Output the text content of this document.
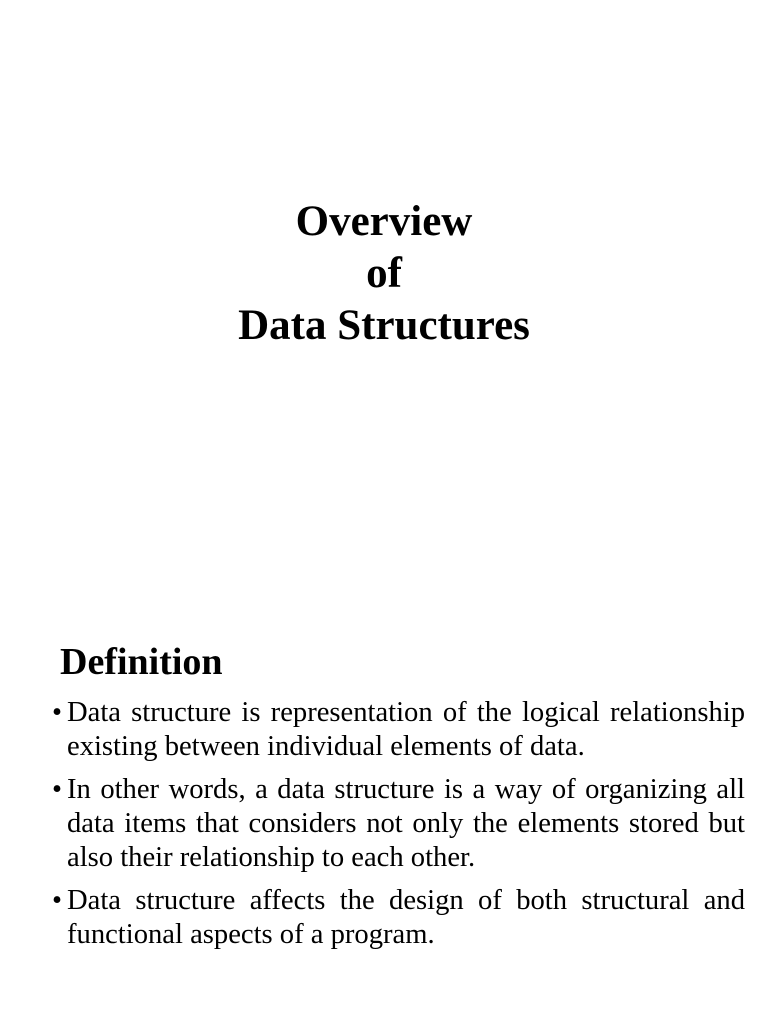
Overview
of
Data Structures
Definition
• Data structure is representation of the logical relationship existing between individual elements of data.
• In other words, a data structure is a way of organizing all data items that considers not only the elements stored but also their relationship to each other.
• Data structure affects the design of both structural and functional aspects of a program.
